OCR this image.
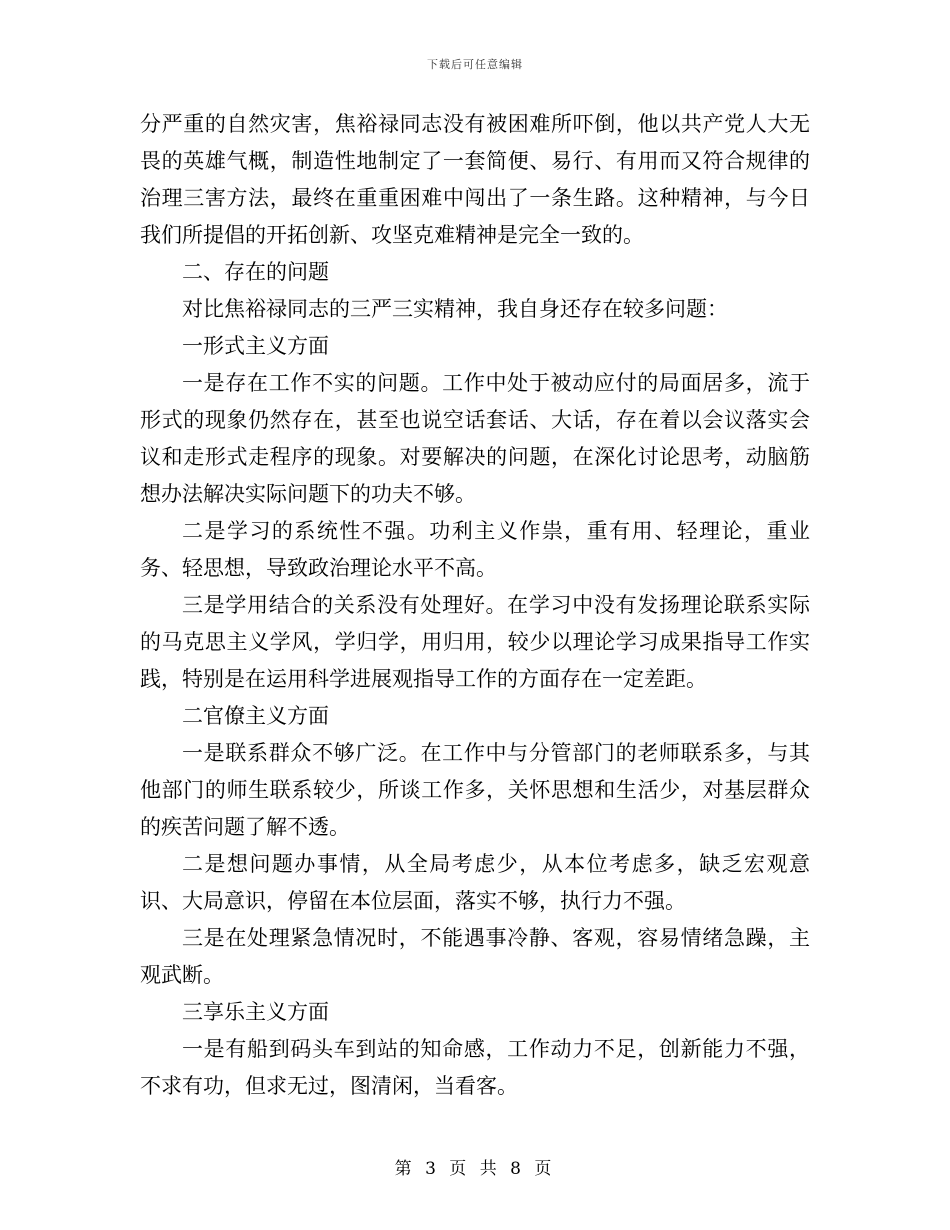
下载后可任意编辑

分严重的自然灾害，焦裕禄同志没有被困难所吓倒，他以共产党人大无畏的英雄气概，制造性地制定了一套简便、易行、有用而又符合规律的治理三害方法，最终在重重困难中闯出了一条生路。这种精神，与今日我们所提倡的开拓创新、攻坚克难精神是完全一致的。

二、存在的问题

对比焦裕禄同志的三严三实精神，我自身还存在较多问题：

一形式主义方面

一是存在工作不实的问题。工作中处于被动应付的局面居多，流于形式的现象仍然存在，甚至也说空话套话、大话，存在着以会议落实会议和走形式走程序的现象。对要解决的问题，在深化讨论思考，动脑筋想办法解决实际问题下的功夫不够。

二是学习的系统性不强。功利主义作祟，重有用、轻理论，重业务、轻思想，导致政治理论水平不高。

三是学用结合的关系没有处理好。在学习中没有发扬理论联系实际的马克思主义学风，学归学，用归用，较少以理论学习成果指导工作实践，特别是在运用科学进展观指导工作的方面存在一定差距。

二官僚主义方面

一是联系群众不够广泛。在工作中与分管部门的老师联系多，与其他部门的师生联系较少，所谈工作多，关怀思想和生活少，对基层群众的疾苦问题了解不透。

二是想问题办事情，从全局考虑少，从本位考虑多，缺乏宏观意识、大局意识，停留在本位层面，落实不够，执行力不强。

三是在处理紧急情况时，不能遇事冷静、客观，容易情绪急躁，主观武断。

三享乐主义方面

一是有船到码头车到站的知命感，工作动力不足，创新能力不强，不求有功，但求无过，图清闲，当看客。

第 3 页 共 8 页
